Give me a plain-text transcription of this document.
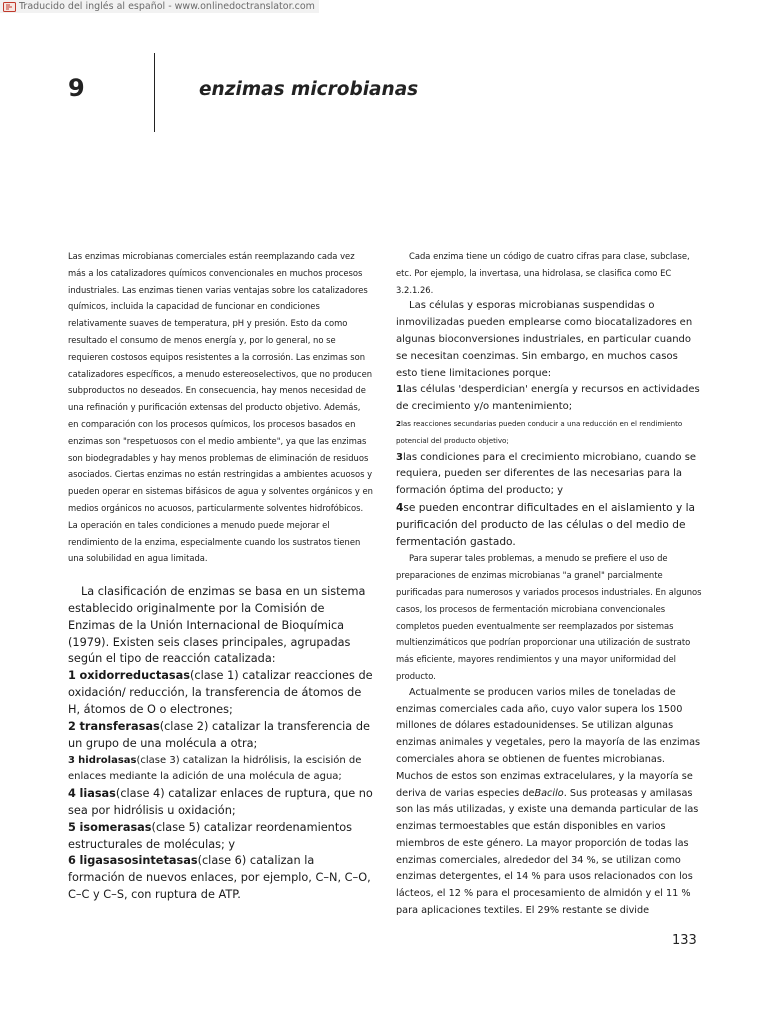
Traducido del inglés al español - www.onlinedoctranslator.com
9	enzimas microbianas

Las enzimas microbianas comerciales están reemplazando cada vez más a los catalizadores químicos convencionales en muchos procesos industriales. Las enzimas tienen varias ventajas sobre los catalizadores químicos, incluida la capacidad de funcionar en condiciones relativamente suaves de temperatura, pH y presión. Esto da como resultado el consumo de menos energía y, por lo general, no se requieren costosos equipos resistentes a la corrosión. Las enzimas son catalizadores específicos, a menudo estereoselectivos, que no producen subproductos no deseados. En consecuencia, hay menos necesidad de una refinación y purificación extensas del producto objetivo. Además, en comparación con los procesos químicos, los procesos basados en enzimas son "respetuosos con el medio ambiente", ya que las enzimas son biodegradables y hay menos problemas de eliminación de residuos asociados. Ciertas enzimas no están restringidas a ambientes acuosos y pueden operar en sistemas bifásicos de agua y solventes orgánicos y en medios orgánicos no acuosos, particularmente solventes hidrofóbicos. La operación en tales condiciones a menudo puede mejorar el rendimiento de la enzima, especialmente cuando los sustratos tienen una solubilidad en agua limitada.

La clasificación de enzimas se basa en un sistema establecido originalmente por la Comisión de Enzimas de la Unión Internacional de Bioquímica (1979). Existen seis clases principales, agrupadas según el tipo de reacción catalizada:

1 oxidorreductasas(clase 1) catalizar reacciones de oxidación/ reducción, la transferencia de átomos de H, átomos de O o electrones;

2 transferasas(clase 2) catalizar la transferencia de un grupo de una molécula a otra;

3 hidrolasas(clase 3) catalizan la hidrólisis, la escisión de enlaces mediante la adición de una molécula de agua;

4 liasas(clase 4) catalizar enlaces de ruptura, que no sea por hidrólisis u oxidación;

5 isomerasas(clase 5) catalizar reordenamientos estructurales de moléculas; y

6 ligasasosintetasas(clase 6) catalizan la formación de nuevos enlaces, por ejemplo, C–N, C–O, C–C y C–S, con ruptura de ATP.

Cada enzima tiene un código de cuatro cifras para clase, subclase, etc. Por ejemplo, la invertasa, una hidrolasa, se clasifica como EC 3.2.1.26.

Las células y esporas microbianas suspendidas o inmovilizadas pueden emplearse como biocatalizadores en algunas bioconversiones industriales, en particular cuando se necesitan coenzimas. Sin embargo, en muchos casos esto tiene limitaciones porque:

1las células 'desperdician' energía y recursos en actividades de crecimiento y/o mantenimiento;

2las reacciones secundarias pueden conducir a una reducción en el rendimiento potencial del producto objetivo;

3las condiciones para el crecimiento microbiano, cuando se requiera, pueden ser diferentes de las necesarias para la formación óptima del producto; y

4se pueden encontrar dificultades en el aislamiento y la purificación del producto de las células o del medio de fermentación gastado.

Para superar tales problemas, a menudo se prefiere el uso de preparaciones de enzimas microbianas "a granel" parcialmente purificadas para numerosos y variados procesos industriales. En algunos casos, los procesos de fermentación microbiana convencionales completos pueden eventualmente ser reemplazados por sistemas multienzimáticos que podrían proporcionar una utilización de sustrato más eficiente, mayores rendimientos y una mayor uniformidad del producto.

Actualmente se producen varios miles de toneladas de enzimas comerciales cada año, cuyo valor supera los 1500 millones de dólares estadounidenses. Se utilizan algunas enzimas animales y vegetales, pero la mayoría de las enzimas comerciales ahora se obtienen de fuentes microbianas. Muchos de estos son enzimas extracelulares, y la mayoría se deriva de varias especies deBacilo. Sus proteasas y amilasas son las más utilizadas, y existe una demanda particular de las enzimas termoestables que están disponibles en varios miembros de este género. La mayor proporción de todas las enzimas comerciales, alrededor del 34 %, se utilizan como enzimas detergentes, el 14 % para usos relacionados con los lácteos, el 12 % para el procesamiento de almidón y el 11 % para aplicaciones textiles. El 29% restante se divide

133
